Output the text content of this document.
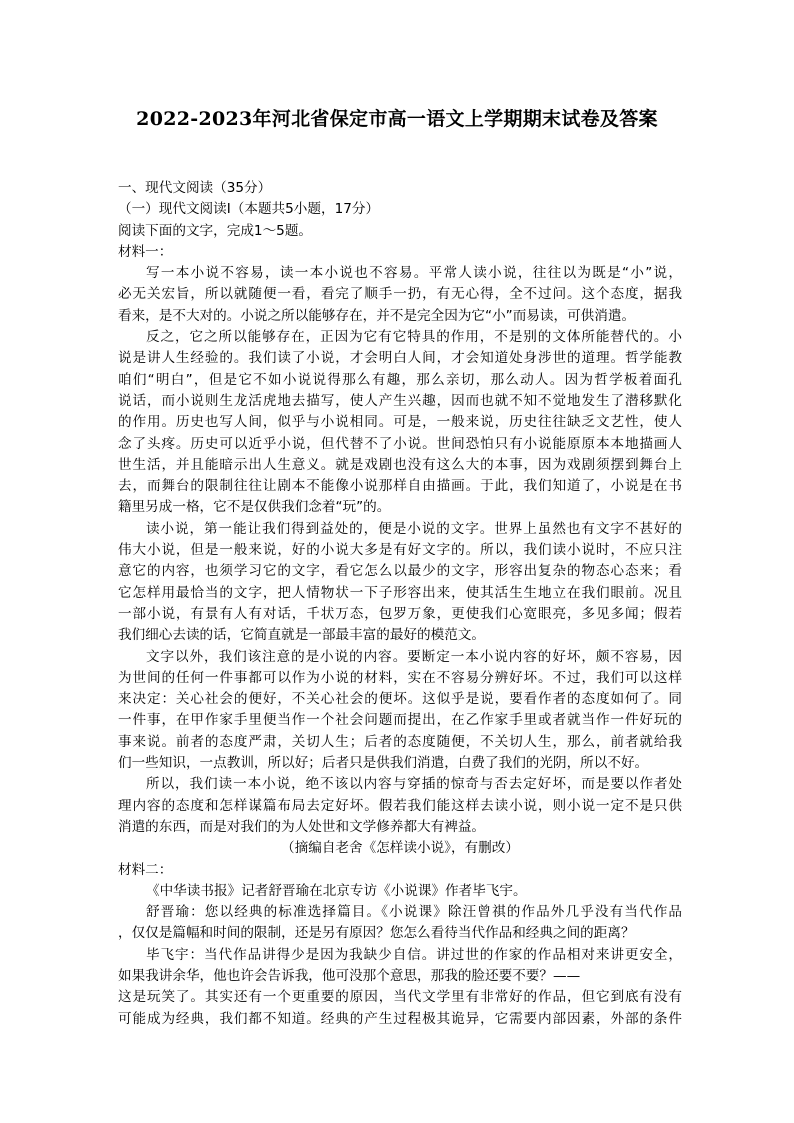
2022-2023年河北省保定市高一语文上学期期末试卷及答案
一、现代文阅读（35分）
（一）现代文阅读I（本题共5小题，17分）
阅读下面的文字，完成1～5题。
材料一：
写一本小说不容易，读一本小说也不容易。平常人读小说，往往以为既是“小”说，
必无关宏旨，所以就随便一看，看完了顺手一扔，有无心得，全不过问。这个态度，据我
看来，是不大对的。小说之所以能够存在，并不是完全因为它“小”而易读，可供消遣。
反之，它之所以能够存在，正因为它有它特具的作用，不是别的文体所能替代的。小
说是讲人生经验的。我们读了小说，才会明白人间，才会知道处身涉世的道理。哲学能教
咱们“明白”，但是它不如小说说得那么有趣，那么亲切，那么动人。因为哲学板着面孔
说话，而小说则生龙活虎地去描写，使人产生兴趣，因而也就不知不觉地发生了潜移默化
的作用。历史也写人间，似乎与小说相同。可是，一般来说，历史往往缺乏文艺性，使人
念了头疼。历史可以近乎小说，但代替不了小说。世间恐怕只有小说能原原本本地描画人
世生活，并且能暗示出人生意义。就是戏剧也没有这么大的本事，因为戏剧须摆到舞台上
去，而舞台的限制往往让剧本不能像小说那样自由描画。于此，我们知道了，小说是在书
籍里另成一格，它不是仅供我们念着“玩”的。
读小说，第一能让我们得到益处的，便是小说的文字。世界上虽然也有文字不甚好的
伟大小说，但是一般来说，好的小说大多是有好文字的。所以，我们读小说时，不应只注
意它的内容，也须学习它的文字，看它怎么以最少的文字，形容出复杂的物态心态来；看
它怎样用最恰当的文字，把人情物状一下子形容出来，使其活生生地立在我们眼前。况且
一部小说，有景有人有对话，千状万态，包罗万象，更使我们心宽眼亮，多见多闻；假若
我们细心去读的话，它简直就是一部最丰富的最好的模范文。
文字以外，我们该注意的是小说的内容。要断定一本小说内容的好坏，颇不容易，因
为世间的任何一件事都可以作为小说的材料，实在不容易分辨好坏。不过，我们可以这样
来决定：关心社会的便好，不关心社会的便坏。这似乎是说，要看作者的态度如何了。同
一件事，在甲作家手里便当作一个社会问题而提出，在乙作家手里或者就当作一件好玩的
事来说。前者的态度严肃，关切人生；后者的态度随便，不关切人生，那么，前者就给我
们一些知识，一点教训，所以好；后者只是供我们消遣，白费了我们的光阴，所以不好。
所以，我们读一本小说，绝不该以内容与穿插的惊奇与否去定好坏，而是要以作者处
理内容的态度和怎样谋篇布局去定好坏。假若我们能这样去读小说，则小说一定不是只供
消遣的东西，而是对我们的为人处世和文学修养都大有裨益。
（摘编自老舍《怎样读小说》，有删改）
材料二：
《中华读书报》记者舒晋瑜在北京专访《小说课》作者毕飞宇。
舒晋瑜：您以经典的标准选择篇目。《小说课》除汪曾祺的作品外几乎没有当代作品
，仅仅是篇幅和时间的限制，还是另有原因？您怎么看待当代作品和经典之间的距离？
毕飞宇：当代作品讲得少是因为我缺少自信。讲过世的作家的作品相对来讲更安全，
如果我讲余华，他也许会告诉我，他可没那个意思，那我的脸还要不要？——
这是玩笑了。其实还有一个更重要的原因，当代文学里有非常好的作品，但它到底有没有
可能成为经典，我们都不知道。经典的产生过程极其诡异，它需要内部因素，外部的条件
